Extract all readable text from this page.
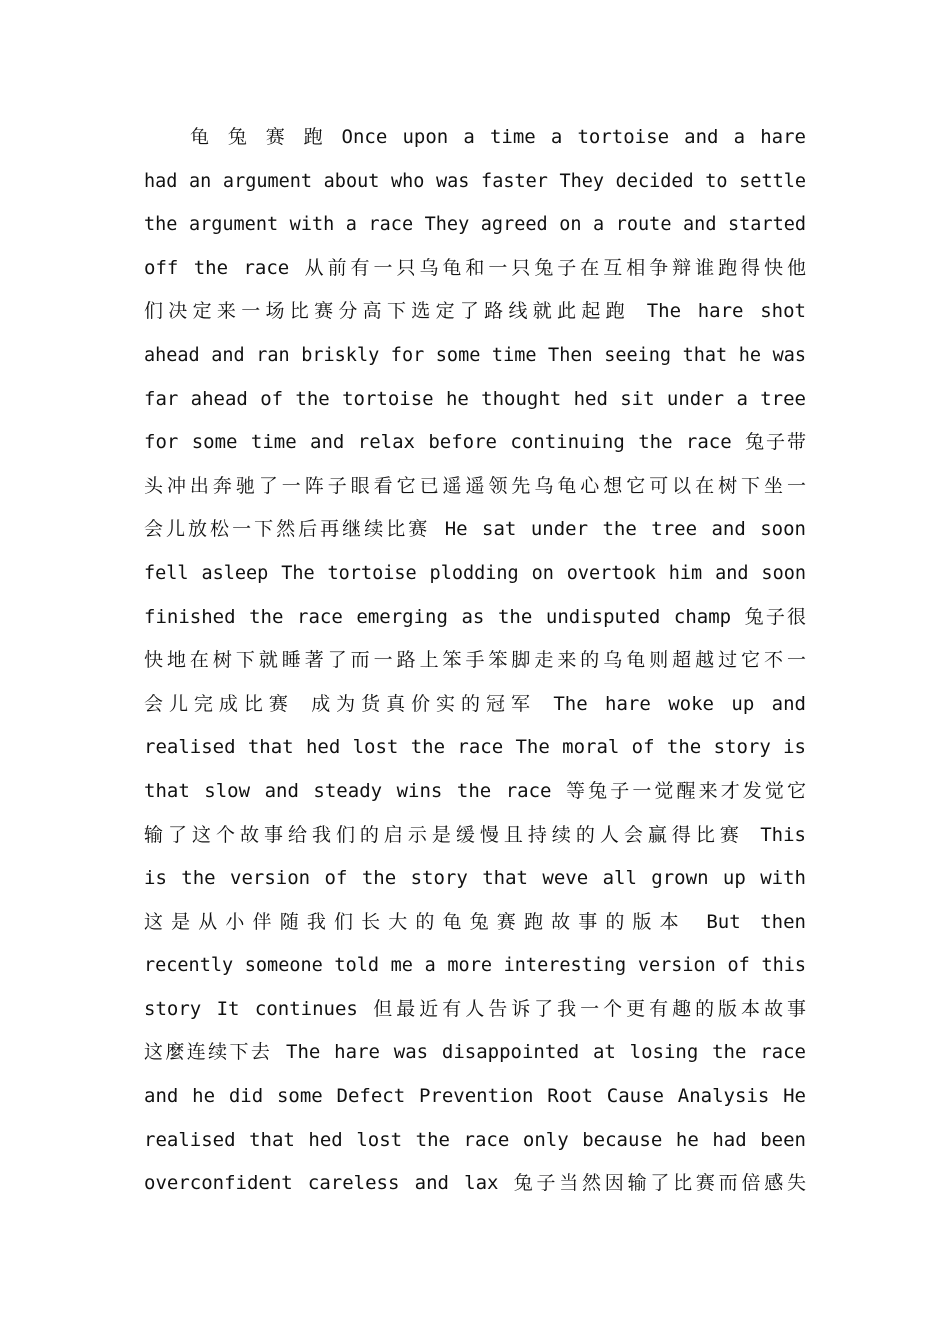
龟 兔 赛 跑 Once upon a time a tortoise and a hare
had an argument about who was faster They decided to settle
the argument with a race They agreed on a route and started
off the race 从前有一只乌龟和一只兔子在互相争辩谁跑得快他
们决定来一场比赛分高下选定了路线就此起跑 The hare shot
ahead and ran briskly for some time Then seeing that he was
far ahead of the tortoise he thought hed sit under a tree
for some time and relax before continuing the race 兔子带
头冲出奔驰了一阵子眼看它已遥遥领先乌龟心想它可以在树下坐一
会儿放松一下然后再继续比赛 He sat under the tree and soon
fell asleep The tortoise plodding on overtook him and soon
finished the race emerging as the undisputed champ 兔子很
快地在树下就睡著了而一路上笨手笨脚走来的乌龟则超越过它不一
会儿完成比赛 成为货真价实的冠军 The hare woke up and
realised that hed lost the race The moral of the story is
that slow and steady wins the race 等兔子一觉醒来才发觉它
输了这个故事给我们的启示是缓慢且持续的人会赢得比赛 This
is the version of the story that weve all grown up with
这是从小伴随我们长大的龟兔赛跑故事的版本 But then
recently someone told me a more interesting version of this
story It continues 但最近有人告诉了我一个更有趣的版本故事
这麼连续下去 The hare was disappointed at losing the race
and he did some Defect Prevention Root Cause Analysis He
realised that hed lost the race only because he had been
overconfident careless and lax 兔子当然因输了比赛而倍感失
